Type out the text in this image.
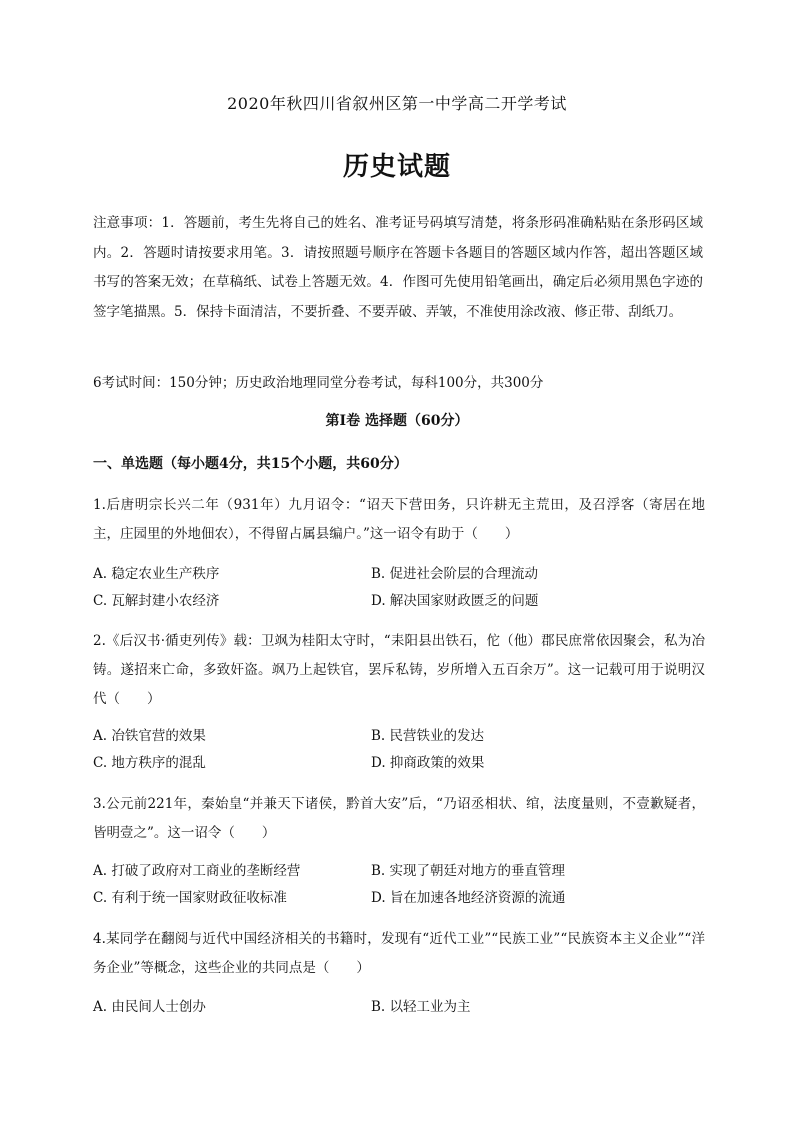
2020年秋四川省叙州区第一中学高二开学考试
历史试题
注意事项：1．答题前，考生先将自己的姓名、准考证号码填写清楚，将条形码准确粘贴在条形码区域内。2．答题时请按要求用笔。3．请按照题号顺序在答题卡各题目的答题区域内作答，超出答题区域书写的答案无效；在草稿纸、试卷上答题无效。4．作图可先使用铅笔画出，确定后必须用黑色字迹的签字笔描黑。5．保持卡面清洁，不要折叠、不要弄破、弄皱，不准使用涂改液、修正带、刮纸刀。
6考试时间：150分钟；历史政治地理同堂分卷考试，每科100分，共300分
第I卷 选择题（60分）
一、单选题（每小题4分，共15个小题，共60分）
1.后唐明宗长兴二年（931年）九月诏令：“诏天下营田务，只许耕无主荒田，及召浮客（寄居在地主，庄园里的外地佃农），不得留占属县编户。”这一诏令有助于（　　）
A. 稳定农业生产秩序	B. 促进社会阶层的合理流动
C. 瓦解封建小农经济	D. 解决国家财政匮乏的问题
2.《后汉书·循吏列传》载：卫飒为桂阳太守时，“耒阳县出铁石，佗（他）郡民庶常依因聚会，私为冶铸。遂招来亡命，多致奸盗。飒乃上起铁官，罢斥私铸，岁所增入五百余万”。这一记载可用于说明汉代（　　）
A. 冶铁官营的效果	B. 民营铁业的发达
C. 地方秩序的混乱	D. 抑商政策的效果
3.公元前221年，秦始皇“并兼天下诸侯，黔首大安”后，“乃诏丞相状、绾，法度量则，不壹歉疑者，皆明壹之”。这一诏令（　　）
A. 打破了政府对工商业的垄断经营	B. 实现了朝廷对地方的垂直管理
C. 有利于统一国家财政征收标准	D. 旨在加速各地经济资源的流通
4.某同学在翻阅与近代中国经济相关的书籍时，发现有“近代工业”“民族工业”“民族资本主义企业”“洋务企业”等概念，这些企业的共同点是（　　）
A. 由民间人士创办	B. 以轻工业为主
